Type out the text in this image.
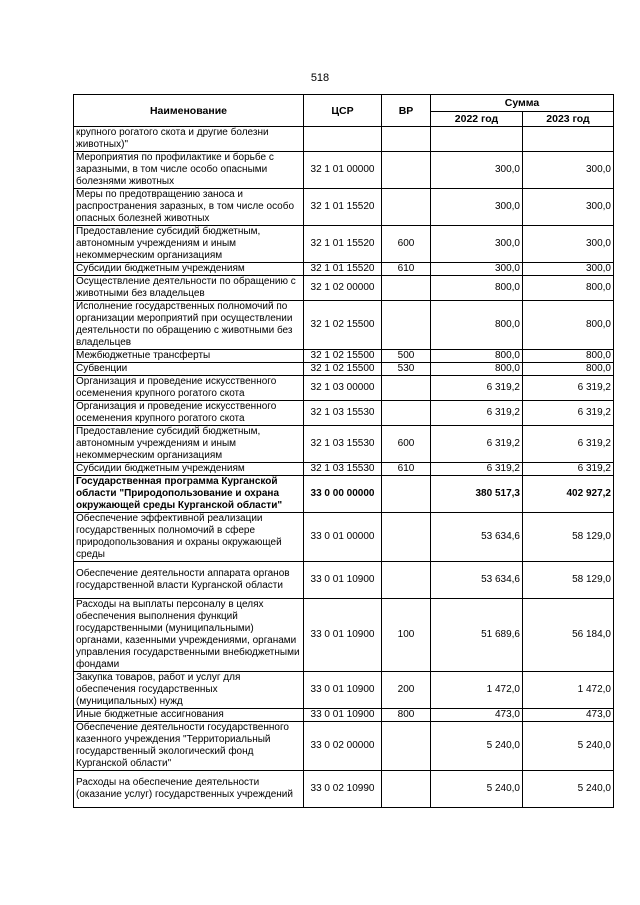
518
Наименование	ЦСР	ВР	Сумма	
			2022 год	2023 год
крупного рогатого скота и другие болезни животных)"				
Мероприятия по профилактике и борьбе с заразными, в том числе особо опасными болезнями животных	32 1 01 00000		300,0	300,0
Меры по предотвращению заноса и распространения заразных, в том числе особо опасных болезней животных	32 1 01 15520		300,0	300,0
Предоставление субсидий бюджетным, автономным учреждениям и иным некоммерческим организациям	32 1 01 15520	600	300,0	300,0
Субсидии бюджетным учреждениям	32 1 01 15520	610	300,0	300,0
Осуществление деятельности по обращению с животными без владельцев	32 1 02 00000		800,0	800,0
Исполнение государственных полномочий по организации мероприятий при осуществлении деятельности по обращению с животными без владельцев	32 1 02 15500		800,0	800,0
Межбюджетные трансферты	32 1 02 15500	500	800,0	800,0
Субвенции	32 1 02 15500	530	800,0	800,0
Организация и проведение искусственного осеменения крупного рогатого скота	32 1 03 00000		6 319,2	6 319,2
Организация и проведение искусственного осеменения крупного рогатого скота	32 1 03 15530		6 319,2	6 319,2
Предоставление субсидий бюджетным, автономным учреждениям и иным некоммерческим организациям	32 1 03 15530	600	6 319,2	6 319,2
Субсидии бюджетным учреждениям	32 1 03 15530	610	6 319,2	6 319,2
Государственная программа Курганской области "Природопользование и охрана окружающей среды Курганской области"	33 0 00 00000		380 517,3	402 927,2
Обеспечение эффективной реализации государственных полномочий в сфере природопользования и охраны окружающей среды	33 0 01 00000		53 634,6	58 129,0
Обеспечение деятельности аппарата органов государственной власти Курганской области	33 0 01 10900		53 634,6	58 129,0
Расходы на выплаты персоналу в целях обеспечения выполнения функций государственными (муниципальными) органами, казенными учреждениями, органами управления государственными внебюджетными фондами	33 0 01 10900	100	51 689,6	56 184,0
Закупка товаров, работ и услуг для обеспечения государственных (муниципальных) нужд	33 0 01 10900	200	1 472,0	1 472,0
Иные бюджетные ассигнования	33 0 01 10900	800	473,0	473,0
Обеспечение деятельности государственного казенного учреждения "Территориальный государственный экологический фонд Курганской области"	33 0 02 00000		5 240,0	5 240,0
Расходы на обеспечение деятельности (оказание услуг) государственных учреждений	33 0 02 10990		5 240,0	5 240,0
